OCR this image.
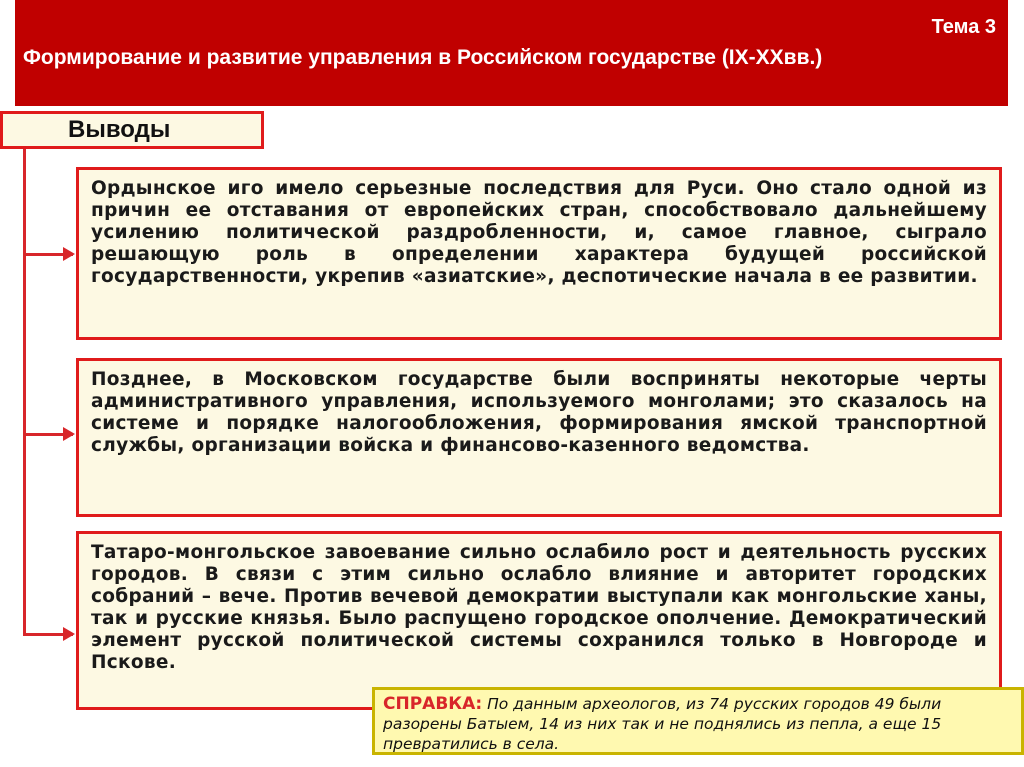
Тема 3
Формирование и развитие управления в Российском государстве (IX-XXвв.)
Выводы
Ордынское иго имело серьезные последствия для Руси. Оно стало одной из причин ее отставания от европейских стран, способствовало дальнейшему усилению политической раздробленности, и, самое главное, сыграло решающую роль в определении характера будущей российской государственности, укрепив «азиатские», деспотические начала в ее развитии.
Позднее, в Московском государстве были восприняты некоторые черты административного управления, используемого монголами; это сказалось на системе и порядке налогообложения, формирования ямской транспортной службы, организации войска и финансово-казенного ведомства.
Татаро-монгольское завоевание сильно ослабило рост и деятельность русских городов. В связи с этим сильно ослабло влияние и авторитет городских собраний – вече. Против вечевой демократии выступали как монгольские ханы, так и русские князья. Было распущено городское ополчение. Демократический элемент русской политической системы сохранился только в Новгороде и Пскове.
СПРАВКА: По данным археологов, из 74 русских городов 49 были разорены Батыем, 14 из них так и не поднялись из пепла, а еще 15 превратились в села.
